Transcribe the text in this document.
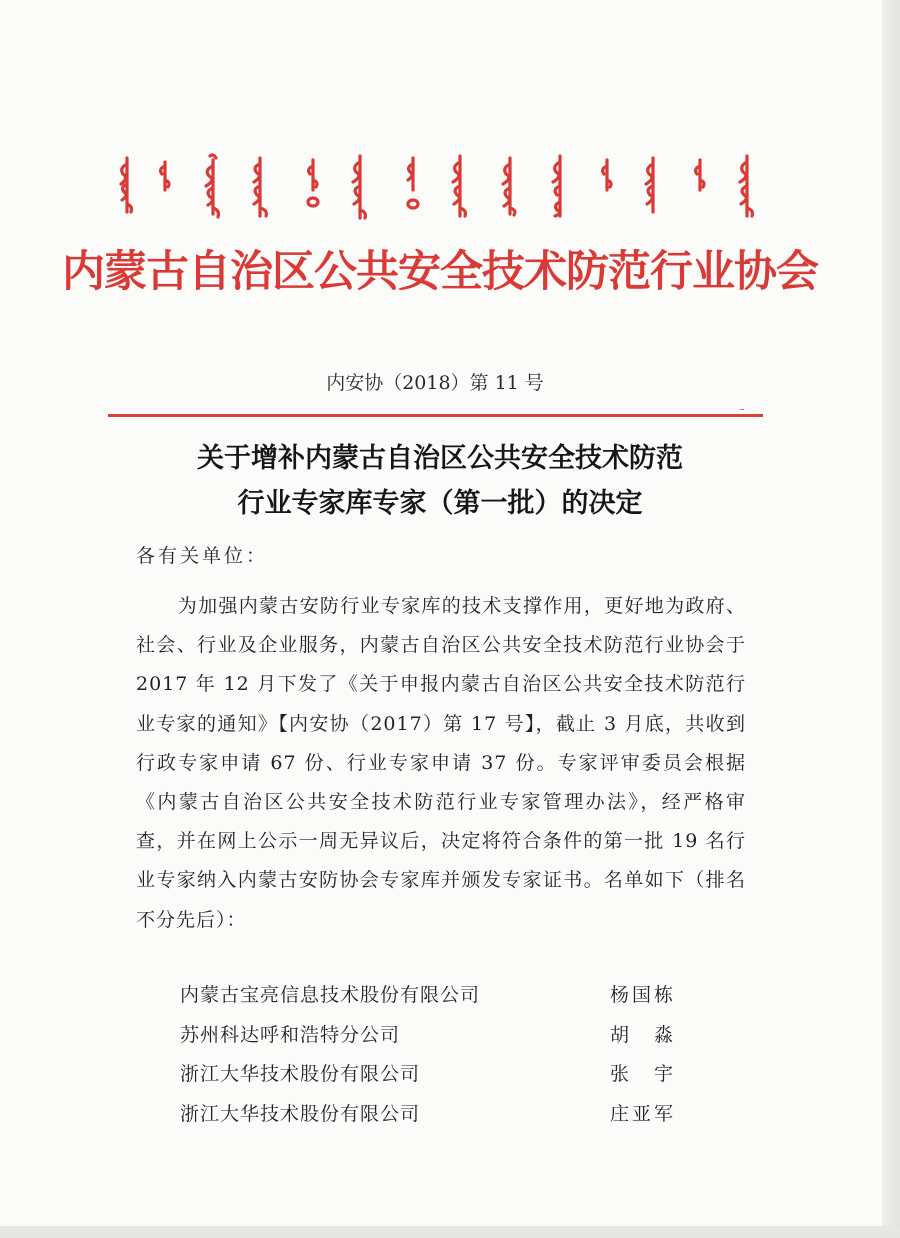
内蒙古自治区公共安全技术防范行业协会
内安协（2018）第 11 号
关于增补内蒙古自治区公共安全技术防范
行业专家库专家（第一批）的决定
各有关单位：
为加强内蒙古安防行业专家库的技术支撑作用，更好地为政府、社会、行业及企业服务，内蒙古自治区公共安全技术防范行业协会于 2017 年 12 月下发了《关于申报内蒙古自治区公共安全技术防范行业专家的通知》【内安协（2017）第 17 号】，截止 3 月底，共收到行政专家申请 67 份、行业专家申请 37 份。专家评审委员会根据《内蒙古自治区公共安全技术防范行业专家管理办法》，经严格审查，并在网上公示一周无异议后，决定将符合条件的第一批 19 名行业专家纳入内蒙古安防协会专家库并颁发专家证书。名单如下（排名不分先后）：
内蒙古宝亮信息技术股份有限公司	杨国栋
苏州科达呼和浩特分公司	胡　淼
浙江大华技术股份有限公司	张　宇
浙江大华技术股份有限公司	庄亚军
